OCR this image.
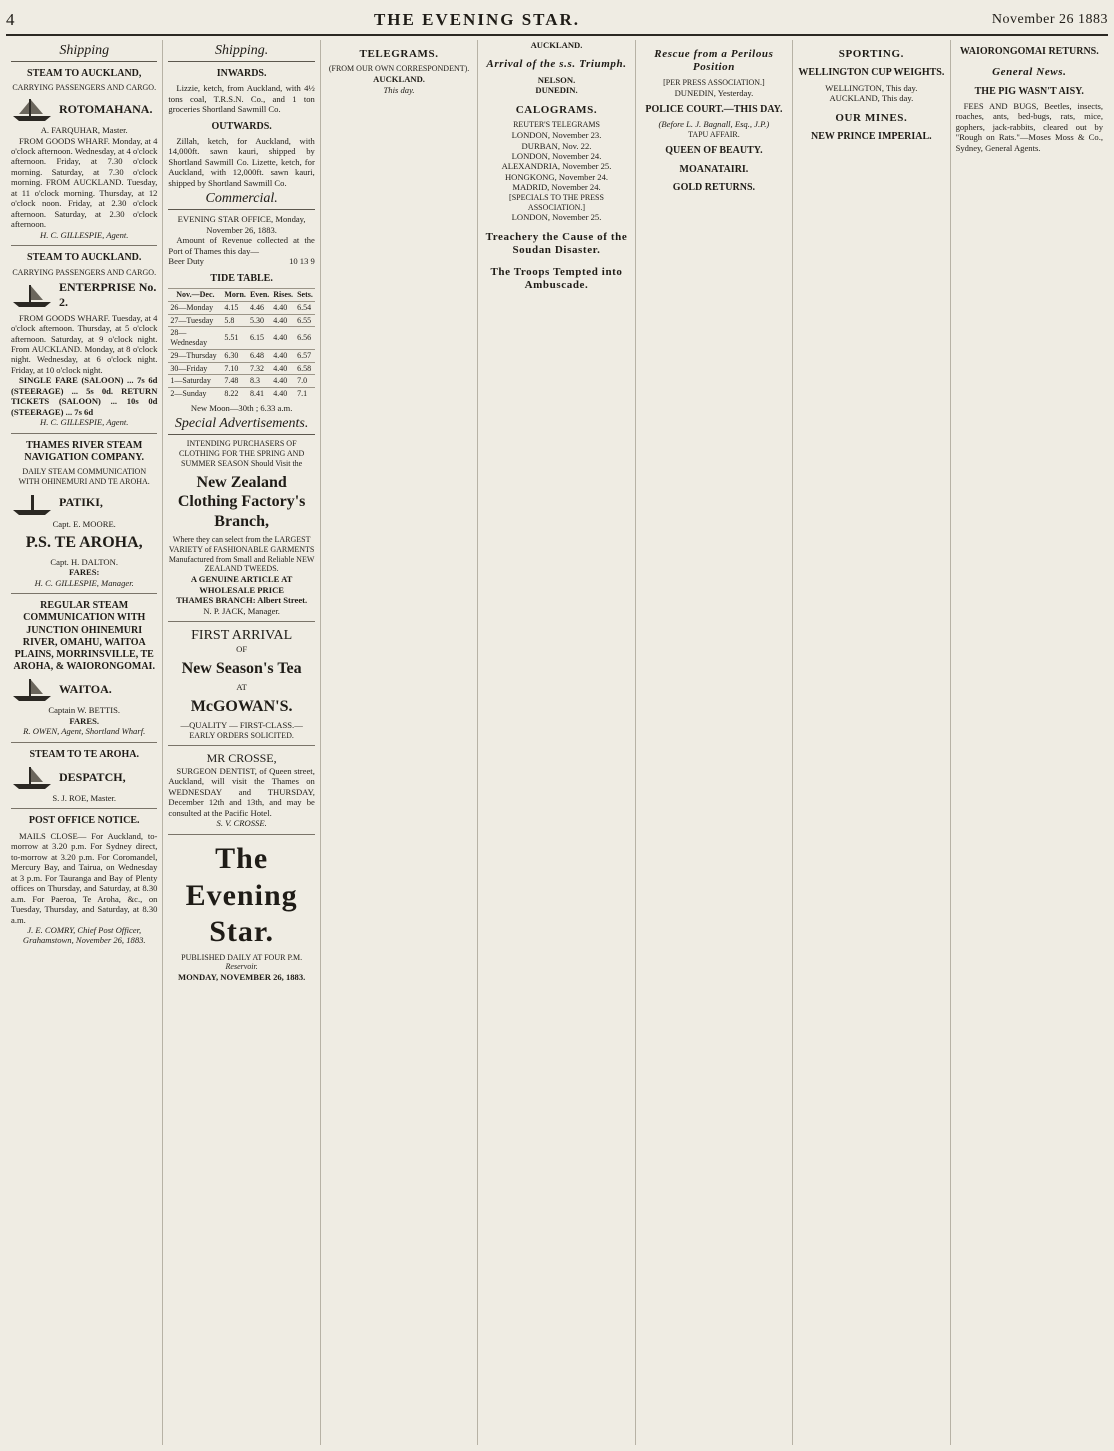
4	THE EVENING STAR.	November 26 1883
Shipping
STEAM TO AUCKLAND,
CARRYING PASSENGERS AND CARGO.
ROTOMAHANA.
A. FARQUHAR, Master.
FROM GOODS WHARF. Monday, at 4 o'clock afternoon. Wednesday, at 4 o'clock afternoon. Friday, at 7.30 o'clock morning. Saturday, at 7.30 o'clock morning. FROM AUCKLAND. Tuesday, at 11 o'clock morning. Thursday, at 12 o'clock noon. Friday, at 2.30 o'clock afternoon. Saturday, at 2.30 o'clock afternoon.
H. C. GILLESPIE, Agent.
STEAM TO AUCKLAND.
CARRYING PASSENGERS AND CARGO.
ENTERPRISE No. 2.
FROM GOODS WHARF. Tuesday, at 4 o'clock afternoon. Thursday, at 5 o'clock afternoon. Saturday, at 9 o'clock night. From AUCKLAND. Monday, at 8 o'clock night. Wednesday, at 6 o'clock night. Friday, at 10 o'clock night.
SINGLE FARE (SALOON) ... 7s 6d (STEERAGE) ... 5s 0d. RETURN TICKETS (SALOON) ... 10s 0d (STEERAGE) ... 7s 6d
H. C. GILLESPIE, Agent.
THAMES RIVER STEAM NAVIGATION COMPANY.
DAILY STEAM COMMUNICATION WITH OHINEMURI AND TE AROHA.
PATIKI,
Capt. E. MOORE.
P.S. TE AROHA,
Capt. H. DALTON.
FARES:
H. C. GILLESPIE, Manager.
REGULAR STEAM COMMUNICATION WITH JUNCTION OHINEMURI RIVER, OMAHU, WAITOA PLAINS, MORRINSVILLE, TE AROHA, & WAIORONGOMAI.
WAITOA.
Captain W. BETTIS.
FARES.
R. OWEN, Agent, Shortland Wharf.
STEAM TO TE AROHA.
DESPATCH,
S. J. ROE, Master.
POST OFFICE NOTICE.
MAILS CLOSE— For Auckland, to-morrow at 3.20 p.m. For Sydney direct, to-morrow at 3.20 p.m. For Coromandel, Mercury Bay, and Tairua, on Wednesday at 3 p.m. For Tauranga and Bay of Plenty offices on Thursday, and Saturday, at 8.30 a.m. For Paeroa, Te Aroha, &c., on Tuesday, Thursday, and Saturday, at 8.30 a.m.
J. E. COMRY, Chief Post Officer, Grahamstown, November 26, 1883.
Shipping.
INWARDS.
Lizzie, ketch, from Auckland, with 4½ tons coal, T.R.S.N. Co., and 1 ton groceries Shortland Sawmill Co.
OUTWARDS.
Zillah, ketch, for Auckland, with 14,000ft. sawn kauri, shipped by Shortland Sawmill Co. Lizette, ketch, for Auckland, with 12,000ft. sawn kauri, shipped by Shortland Sawmill Co.
Commercial.
EVENING STAR OFFICE, Monday, November 26, 1883.
Amount of Revenue collected at the Port of Thames this day—
Beer Duty	10 13 9
TIDE TABLE.
Nov.—Dec.	Morn.	Even.	Rises.	Sets.
26—Monday	4.15	4.46	4.40	6.54
27—Tuesday	5.8	5.30	4.40	6.55
28—Wednesday	5.51	6.15	4.40	6.56
29—Thursday	6.30	6.48	4.40	6.57
30—Friday	7.10	7.32	4.40	6.58
1—Saturday	7.48	8.3	4.40	7.0
2—Sunday	8.22	8.41	4.40	7.1
New Moon—30th ; 6.33 a.m.
Special Advertisements.
INTENDING PURCHASERS OF CLOTHING FOR THE SPRING AND SUMMER SEASON Should Visit the
New Zealand Clothing Factory's Branch,
Where they can select from the LARGEST VARIETY of FASHIONABLE GARMENTS Manufactured from Small and Reliable NEW ZEALAND TWEEDS.
A GENUINE ARTICLE AT WHOLESALE PRICE
THAMES BRANCH: Albert Street.
N. P. JACK, Manager.
FIRST ARRIVAL
OF
New Season's Tea
AT
McGOWAN'S.
—QUALITY — FIRST-CLASS.—
EARLY ORDERS SOLICITED.
MR CROSSE,
SURGEON DENTIST, of Queen street, Auckland, will visit the Thames on WEDNESDAY and THURSDAY, December 12th and 13th, and may be consulted at the Pacific Hotel.
S. V. CROSSE.
The Evening Star.
PUBLISHED DAILY AT FOUR P.M.
Reservoir.
MONDAY, NOVEMBER 26, 1883.
TELEGRAMS.
(FROM OUR OWN CORRESPONDENT).
AUCKLAND.
This day.
AUCKLAND.
Arrival of the s.s. Triumph.
NELSON.
DUNEDIN.
CALOGRAMS.
REUTER'S TELEGRAMS
LONDON, November 23.
DURBAN, Nov. 22.
LONDON, November 24.
ALEXANDRIA, November 25.
HONGKONG, November 24.
MADRID, November 24.
[SPECIALS TO THE PRESS ASSOCIATION.]
LONDON, November 25.
Treachery the Cause of the Soudan Disaster.
The Troops Tempted into Ambuscade.
Rescue from a Perilous Position
[PER PRESS ASSOCIATION.]
DUNEDIN, Yesterday.
POLICE COURT.—THIS DAY.
(Before L. J. Bagnall, Esq., J.P.)
TAPU AFFAIR.
QUEEN OF BEAUTY.
MOANATAIRI.
GOLD RETURNS.
SPORTING.
WELLINGTON CUP WEIGHTS.
WELLINGTON, This day.
AUCKLAND, This day.
OUR MINES.
NEW PRINCE IMPERIAL.
WAIORONGOMAI RETURNS.
General News.
THE PIG WASN'T AISY.
FEES AND BUGS, Beetles, insects, roaches, ants, bed-bugs, rats, mice, gophers, jack-rabbits, cleared out by "Rough on Rats."—Moses Moss & Co., Sydney, General Agents.
